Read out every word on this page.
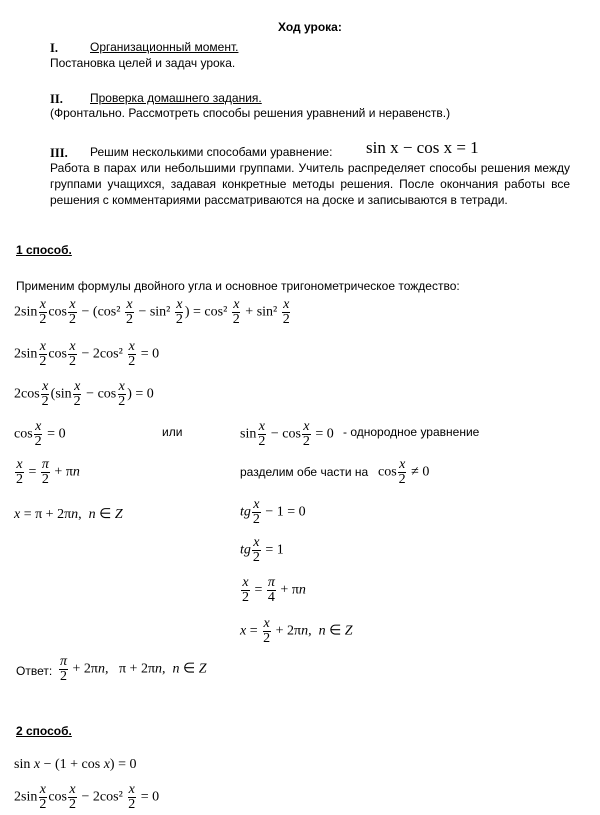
Ход урока:
I.	Организационный момент.
Постановка целей и задач урока.
II. Проверка домашнего задания.
(Фронтально. Рассмотреть способы решения уравнений и неравенств.)
III. Решим несколькими способами уравнение: sin x − cos x = 1
Работа в парах или небольшими группами. Учитель распределяет способы решения между группами учащихся, задавая конкретные методы решения. После окончания работы все решения с комментариями рассматриваются на доске и записываются в тетради.
1 способ.
Применим формулы двойного угла и основное тригонометрическое тождество:
$2\sin \frac{x}{2}$ $\cos \frac{x}{2} - (\cos^2 \frac{x}{2} - \sin^2 \frac{x}{2}$ ) = $\cos^2 \frac{x}{2} + \sin^2 \frac{x}{2}$
$2\sin \frac{x}{2}$ $\cos \frac{x}{2} - 2\cos^2 \frac{x}{2} = 0$
$2\cos \frac{x}{2} (\sin \frac{x}{2} - \cos \frac{x}{2}$ ) = 0
$\cos \frac{x}{2} = 0$	или	$\sin \frac{x}{2} - \cos \frac{x}{2} = 0$ - однородное уравнение
$\frac{x}{2} = \frac{\pi}{2} + \pi n$	разделим обе части на $\cos \frac{x}{2} \ne 0$
x = π + 2πn,  n ∈ Z	tg $\frac{x}{2} - 1 = 0$
tg $\frac{x}{2} = 1$
$\frac{x}{2} = \frac{\pi}{4} + \pi n$
$x = \frac{x}{2} + 2\pi n$,  n ∈ Z
Ответ: $\frac{\pi}{2} + 2\pi n$,   π + 2πn,  n ∈ Z
2 способ.
sin x − (1 + cos x) = 0
$2\sin \frac{x}{2}$ $\cos \frac{x}{2} - 2\cos^2 \frac{x}{2} = 0$
